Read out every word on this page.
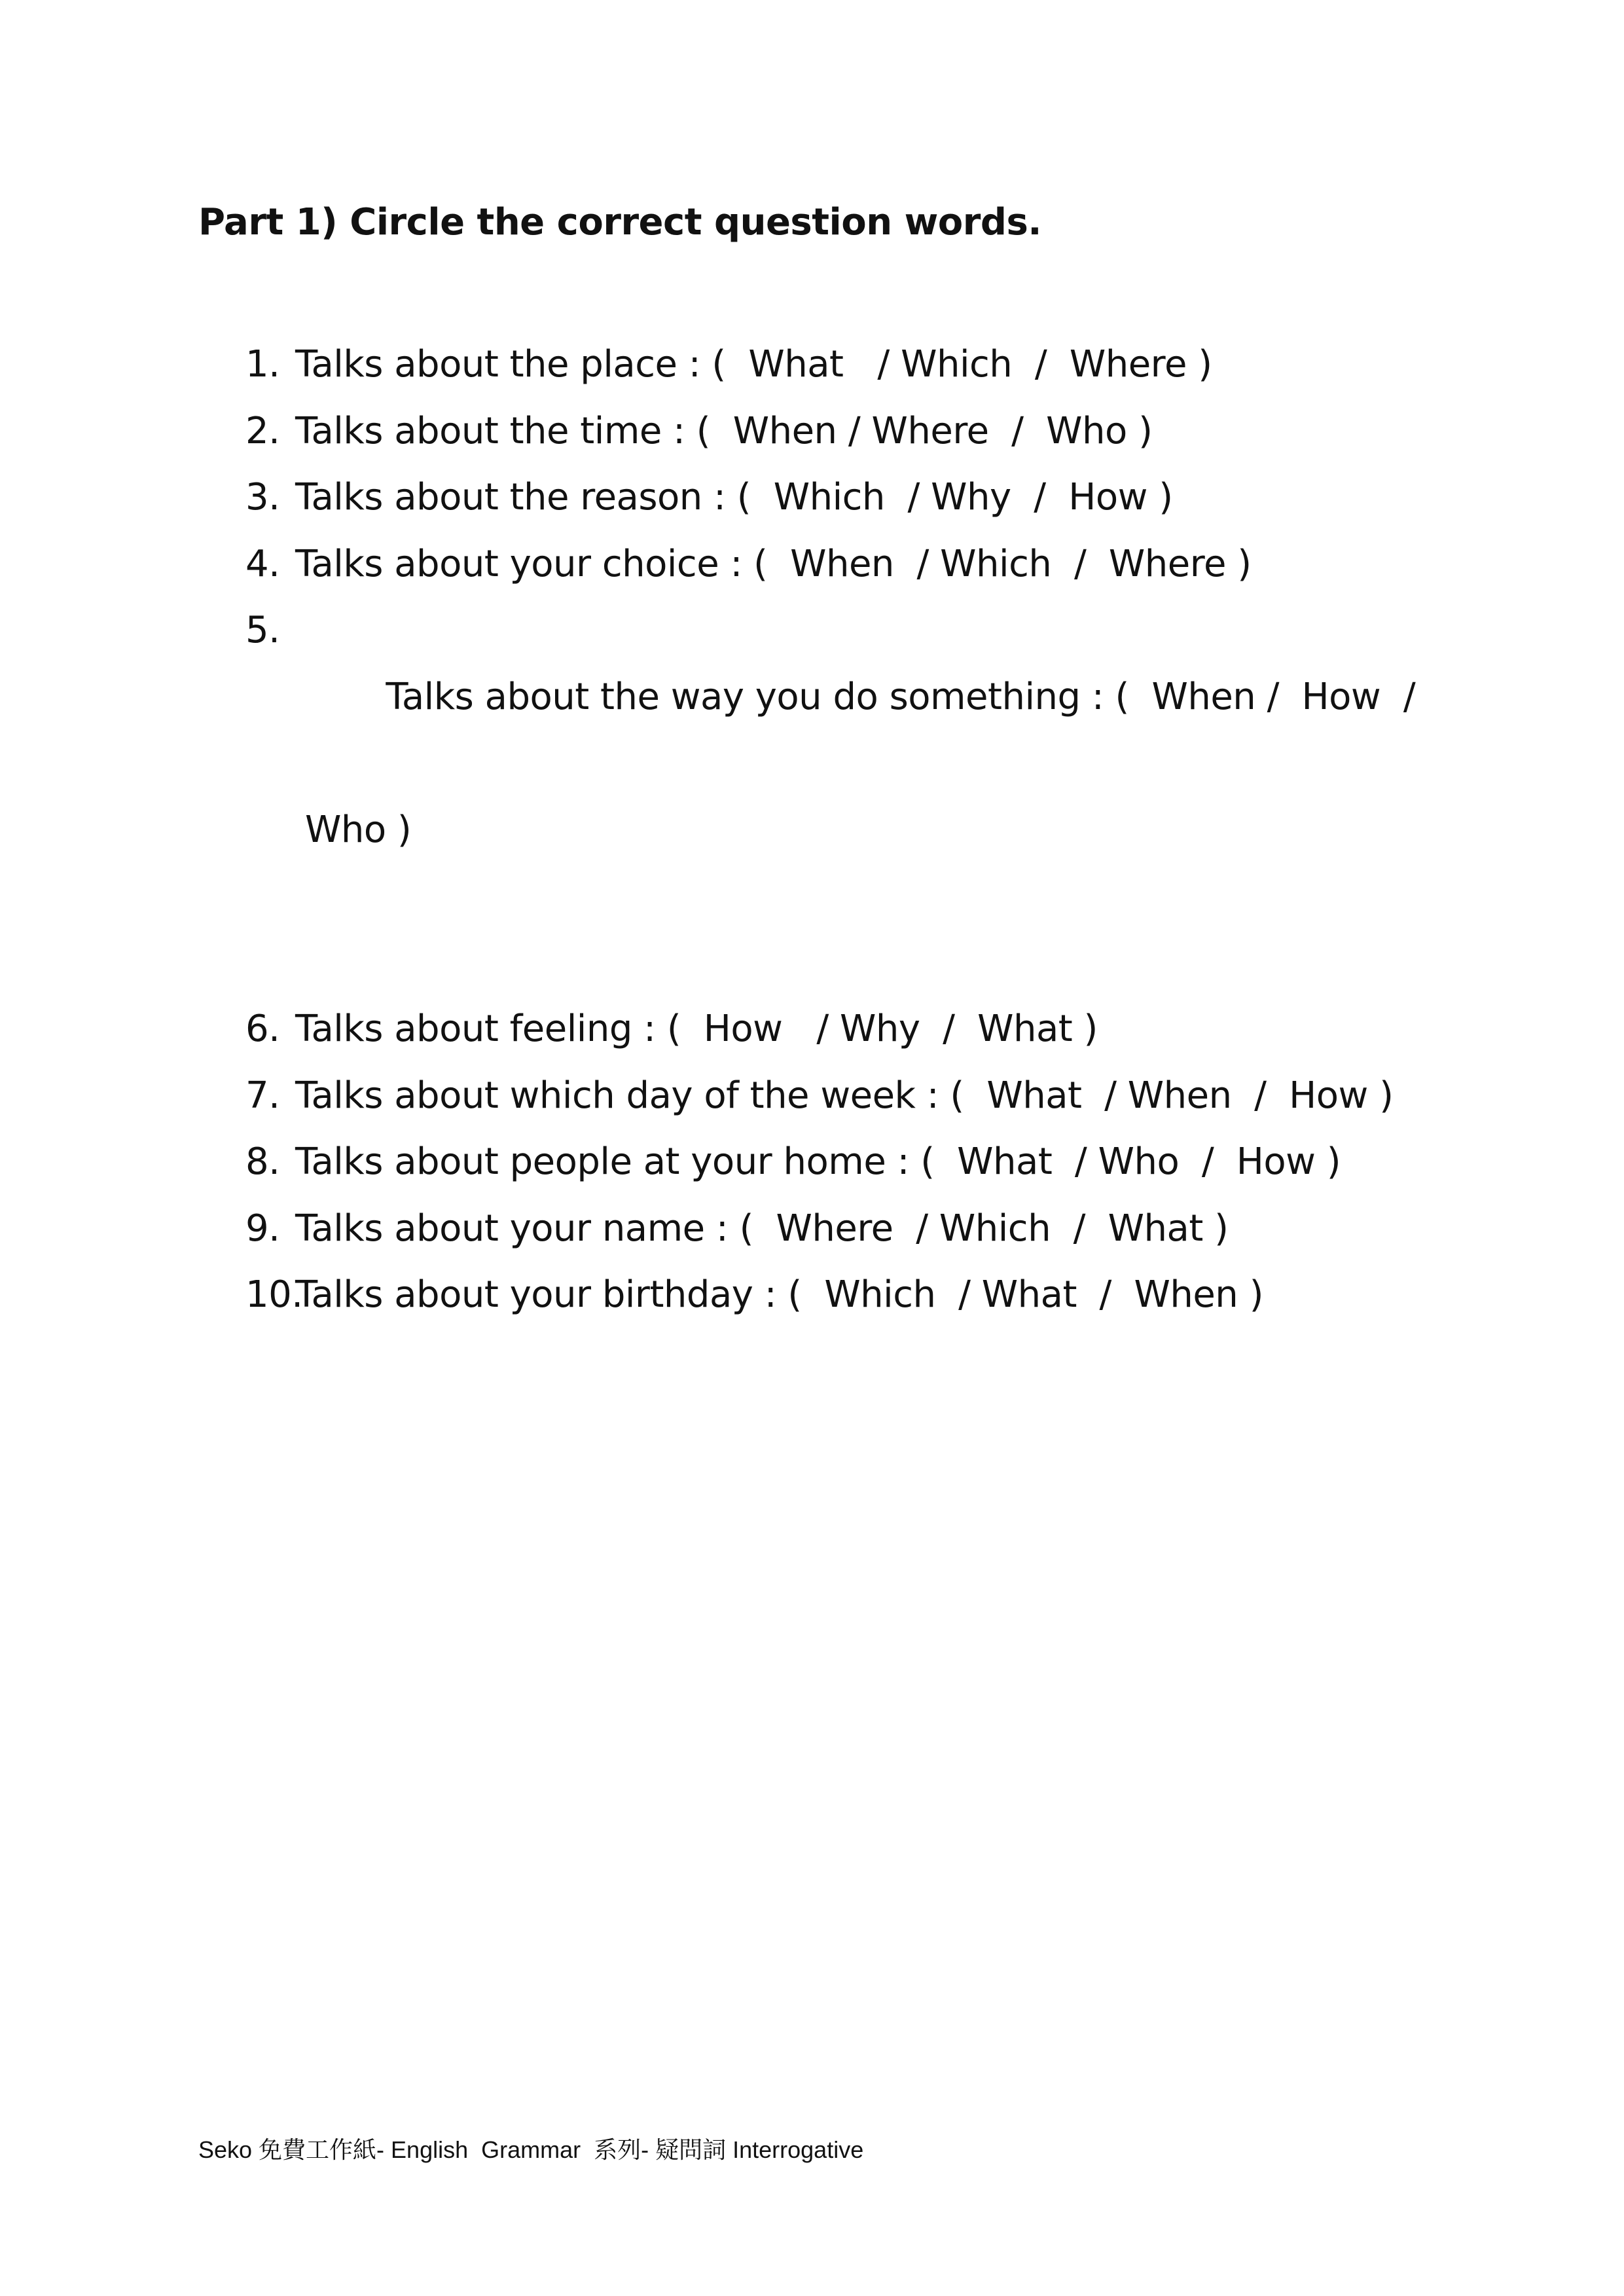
Part 1) Circle the correct question words.
1. Talks about the place : (  What   / Which  /  Where )
2. Talks about the time : (  When / Where  /  Who )
3. Talks about the reason : (  Which  / Why  /  How )
4. Talks about your choice : (  When  / Which  /  Where )
5.

Talks about the way you do something : (  When /  How  /

Who )

6. Talks about feeling : (  How   / Why  /  What )
7. Talks about which day of the week : (  What  / When  /  How )
8. Talks about people at your home : (  What  / Who  /  How )
9. Talks about your name : (  Where  / Which  /  What )
10.
Talks about your birthday : (  Which  / What  /  When )
Seko 免費工作紙- English  Grammar  系列- 疑問詞 Interrogative
